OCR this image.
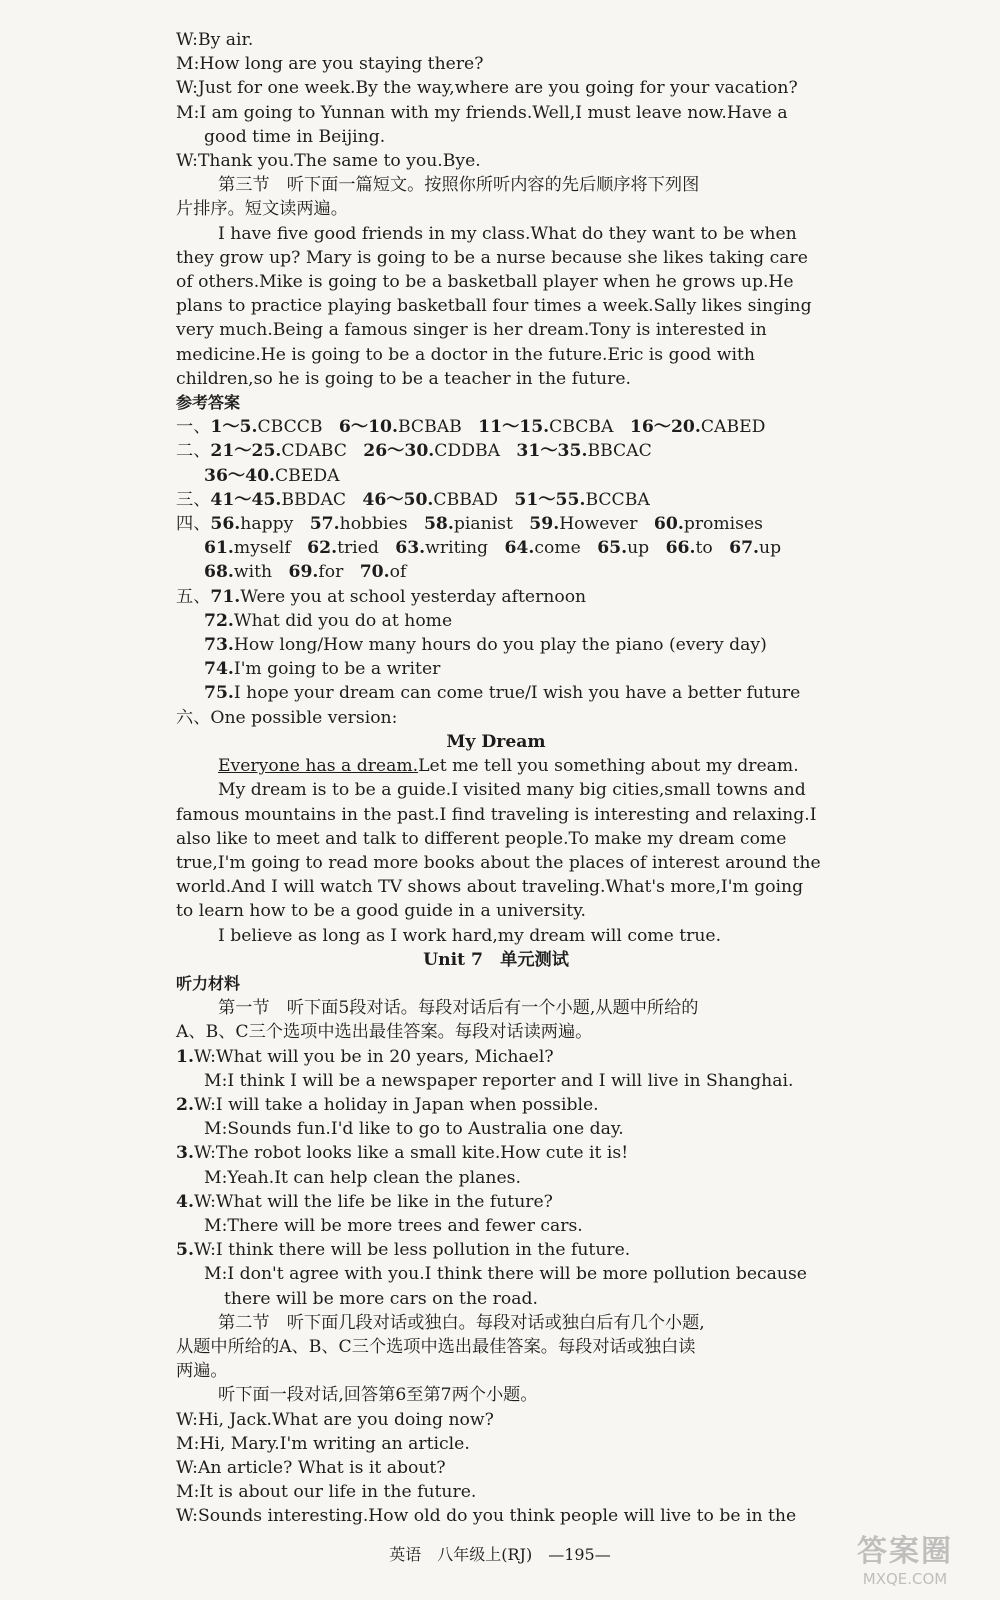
W:By air.
M:How long are you staying there?
W:Just for one week.By the way,where are you going for your vacation?
M:I am going to Yunnan with my friends.Well,I must leave now.Have a
good time in Beijing.
W:Thank you.The same to you.Bye.
第三节　听下面一篇短文。按照你所听内容的先后顺序将下列图
片排序。短文读两遍。
I have five good friends in my class.What do they want to be when
they grow up? Mary is going to be a nurse because she likes taking care
of others.Mike is going to be a basketball player when he grows up.He
plans to practice playing basketball four times a week.Sally likes singing
very much.Being a famous singer is her dream.Tony is interested in
medicine.He is going to be a doctor in the future.Eric is good with
children,so he is going to be a teacher in the future.
参考答案
一、1～5.CBCCB 6～10.BCBAB 11～15.CBCBA 16～20.CABED
二、21～25.CDABC 26～30.CDDBA 31～35.BBCAC
36～40.CBEDA
三、41～45.BBDAC 46～50.CBBAD 51～55.BCCBA
四、56.happy 57.hobbies 58.pianist 59.However 60.promises
61.myself 62.tried 63.writing 64.come 65.up 66.to 67.up
68.with 69.for 70.of
五、71.Were you at school yesterday afternoon
72.What did you do at home
73.How long/How many hours do you play the piano (every day)
74.I'm going to be a writer
75.I hope your dream can come true/I wish you have a better future
六、One possible version:
My Dream
Everyone has a dream.Let me tell you something about my dream.
My dream is to be a guide.I visited many big cities,small towns and
famous mountains in the past.I find traveling is interesting and relaxing.I
also like to meet and talk to different people.To make my dream come
true,I'm going to read more books about the places of interest around the
world.And I will watch TV shows about traveling.What's more,I'm going
to learn how to be a good guide in a university.
I believe as long as I work hard,my dream will come true.
Unit 7　单元测试
听力材料
第一节　听下面5段对话。每段对话后有一个小题,从题中所给的
A、B、C三个选项中选出最佳答案。每段对话读两遍。
1.W:What will you be in 20 years, Michael?
M:I think I will be a newspaper reporter and I will live in Shanghai.
2.W:I will take a holiday in Japan when possible.
M:Sounds fun.I'd like to go to Australia one day.
3.W:The robot looks like a small kite.How cute it is!
M:Yeah.It can help clean the planes.
4.W:What will the life be like in the future?
M:There will be more trees and fewer cars.
5.W:I think there will be less pollution in the future.
M:I don't agree with you.I think there will be more pollution because
there will be more cars on the road.
第二节　听下面几段对话或独白。每段对话或独白后有几个小题,
从题中所给的A、B、C三个选项中选出最佳答案。每段对话或独白读
两遍。
听下面一段对话,回答第6至第7两个小题。
W:Hi, Jack.What are you doing now?
M:Hi, Mary.I'm writing an article.
W:An article? What is it about?
M:It is about our life in the future.
W:Sounds interesting.How old do you think people will live to be in the
英语　八年级上(RJ)　—195—	答案圈
MXQE.COM
